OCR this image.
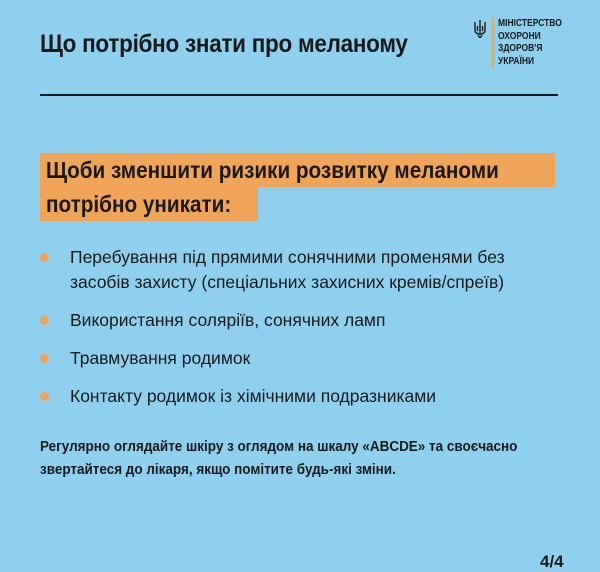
Що потрібно знати про меланому
МІНІСТЕРСТВО
ОХОРОНИ
ЗДОРОВ'Я
УКРАЇНИ
Щоби зменшити ризики розвитку меланоми
потрібно уникати:
Перебування під прямими сонячними променями без засобів захисту (спеціальних захисних кремів/спреїв)
Використання соляріїв, сонячних ламп
Травмування родимок
Контакту родимок із хімічними подразниками
Регулярно оглядайте шкіру з оглядом на шкалу «ABCDE» та своєчасно звертайтеся до лікаря, якщо помітите будь-які зміни.
4/4
